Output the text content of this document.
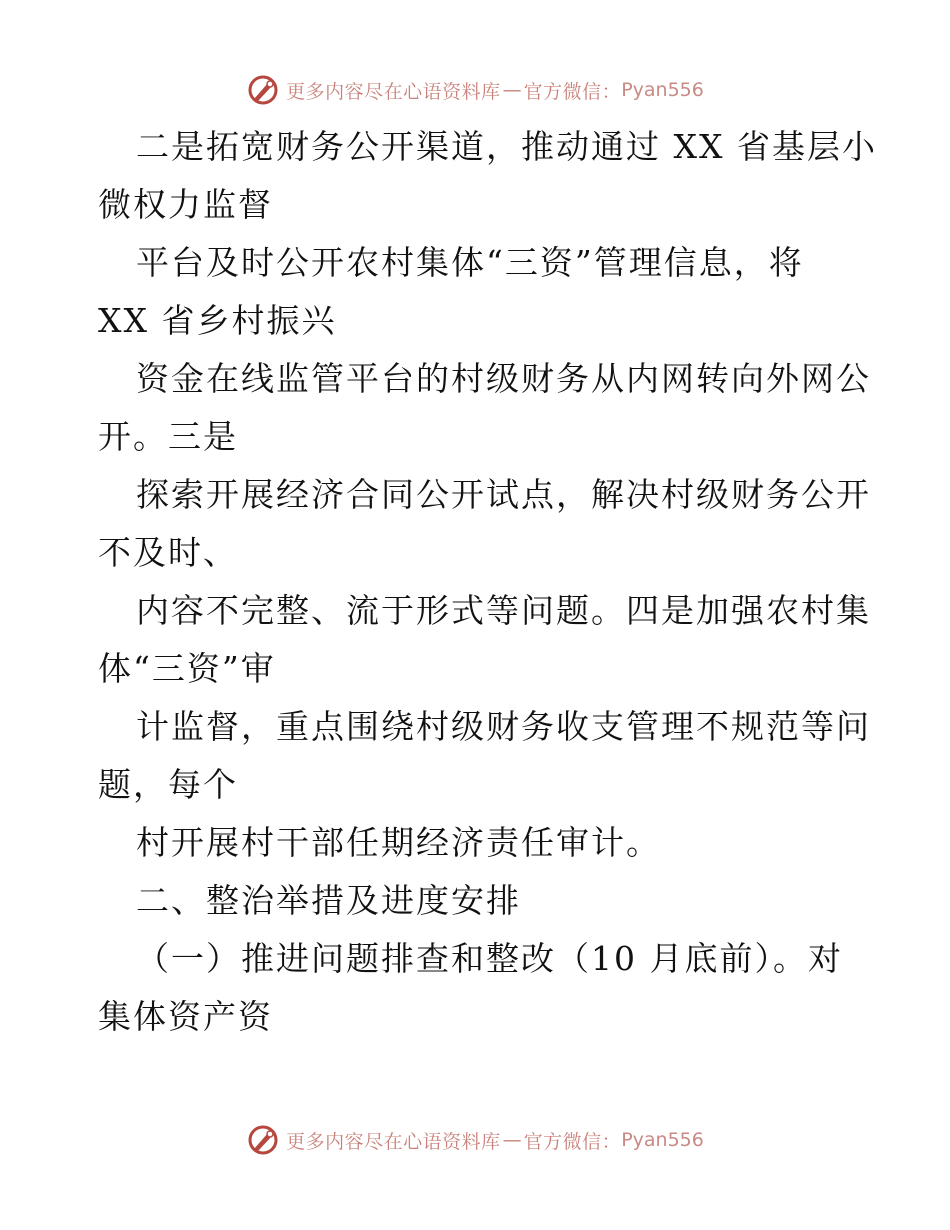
更多内容尽在心语资料库 — 官方微信： Pyan556
二是拓宽财务公开渠道，推动通过 XX 省基层小
微权力监督
平台及时公开农村集体“三资”管理信息，将
XX 省乡村振兴
资金在线监管平台的村级财务从内网转向外网公
开。三是
探索开展经济合同公开试点，解决村级财务公开
不及时、
内容不完整、流于形式等问题。四是加强农村集
体“三资”审
计监督，重点围绕村级财务收支管理不规范等问
题，每个
村开展村干部任期经济责任审计。
二、整治举措及进度安排
（一）推进问题排查和整改（10 月底前）。对
集体资产资
更多内容尽在心语资料库 — 官方微信： Pyan556
